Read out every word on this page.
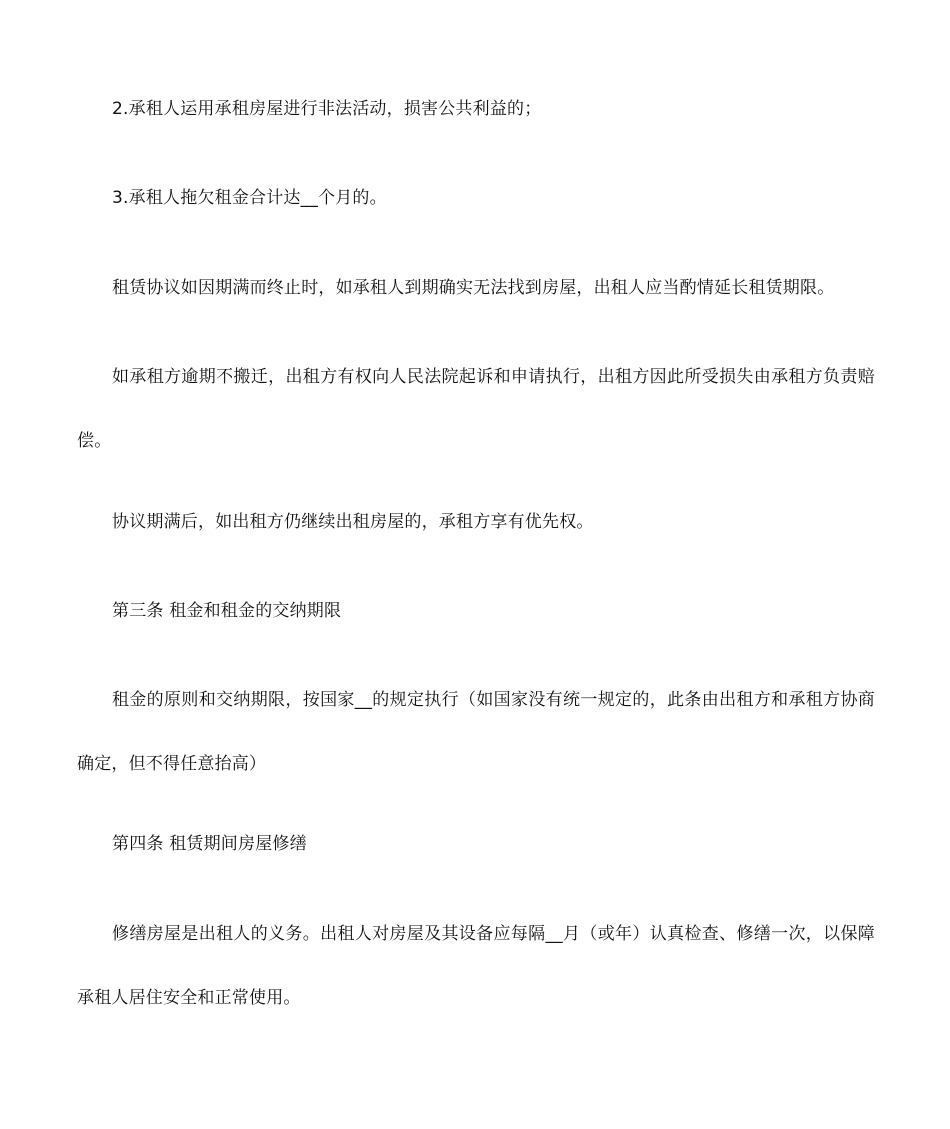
2.承租人运用承租房屋进行非法活动，损害公共利益的；

3.承租人拖欠租金合计达__个月的。

租赁协议如因期满而终止时，如承租人到期确实无法找到房屋，出租人应当酌情延长租赁期限。

如承租方逾期不搬迁，出租方有权向人民法院起诉和申请执行，出租方因此所受损失由承租方负责赔偿。

协议期满后，如出租方仍继续出租房屋的，承租方享有优先权。

第三条 租金和租金的交纳期限

租金的原则和交纳期限，按国家__的规定执行（如国家没有统一规定的，此条由出租方和承租方协商确定，但不得任意抬高）

第四条 租赁期间房屋修缮

修缮房屋是出租人的义务。出租人对房屋及其设备应每隔__月（或年）认真检查、修缮一次，以保障承租人居住安全和正常使用。
